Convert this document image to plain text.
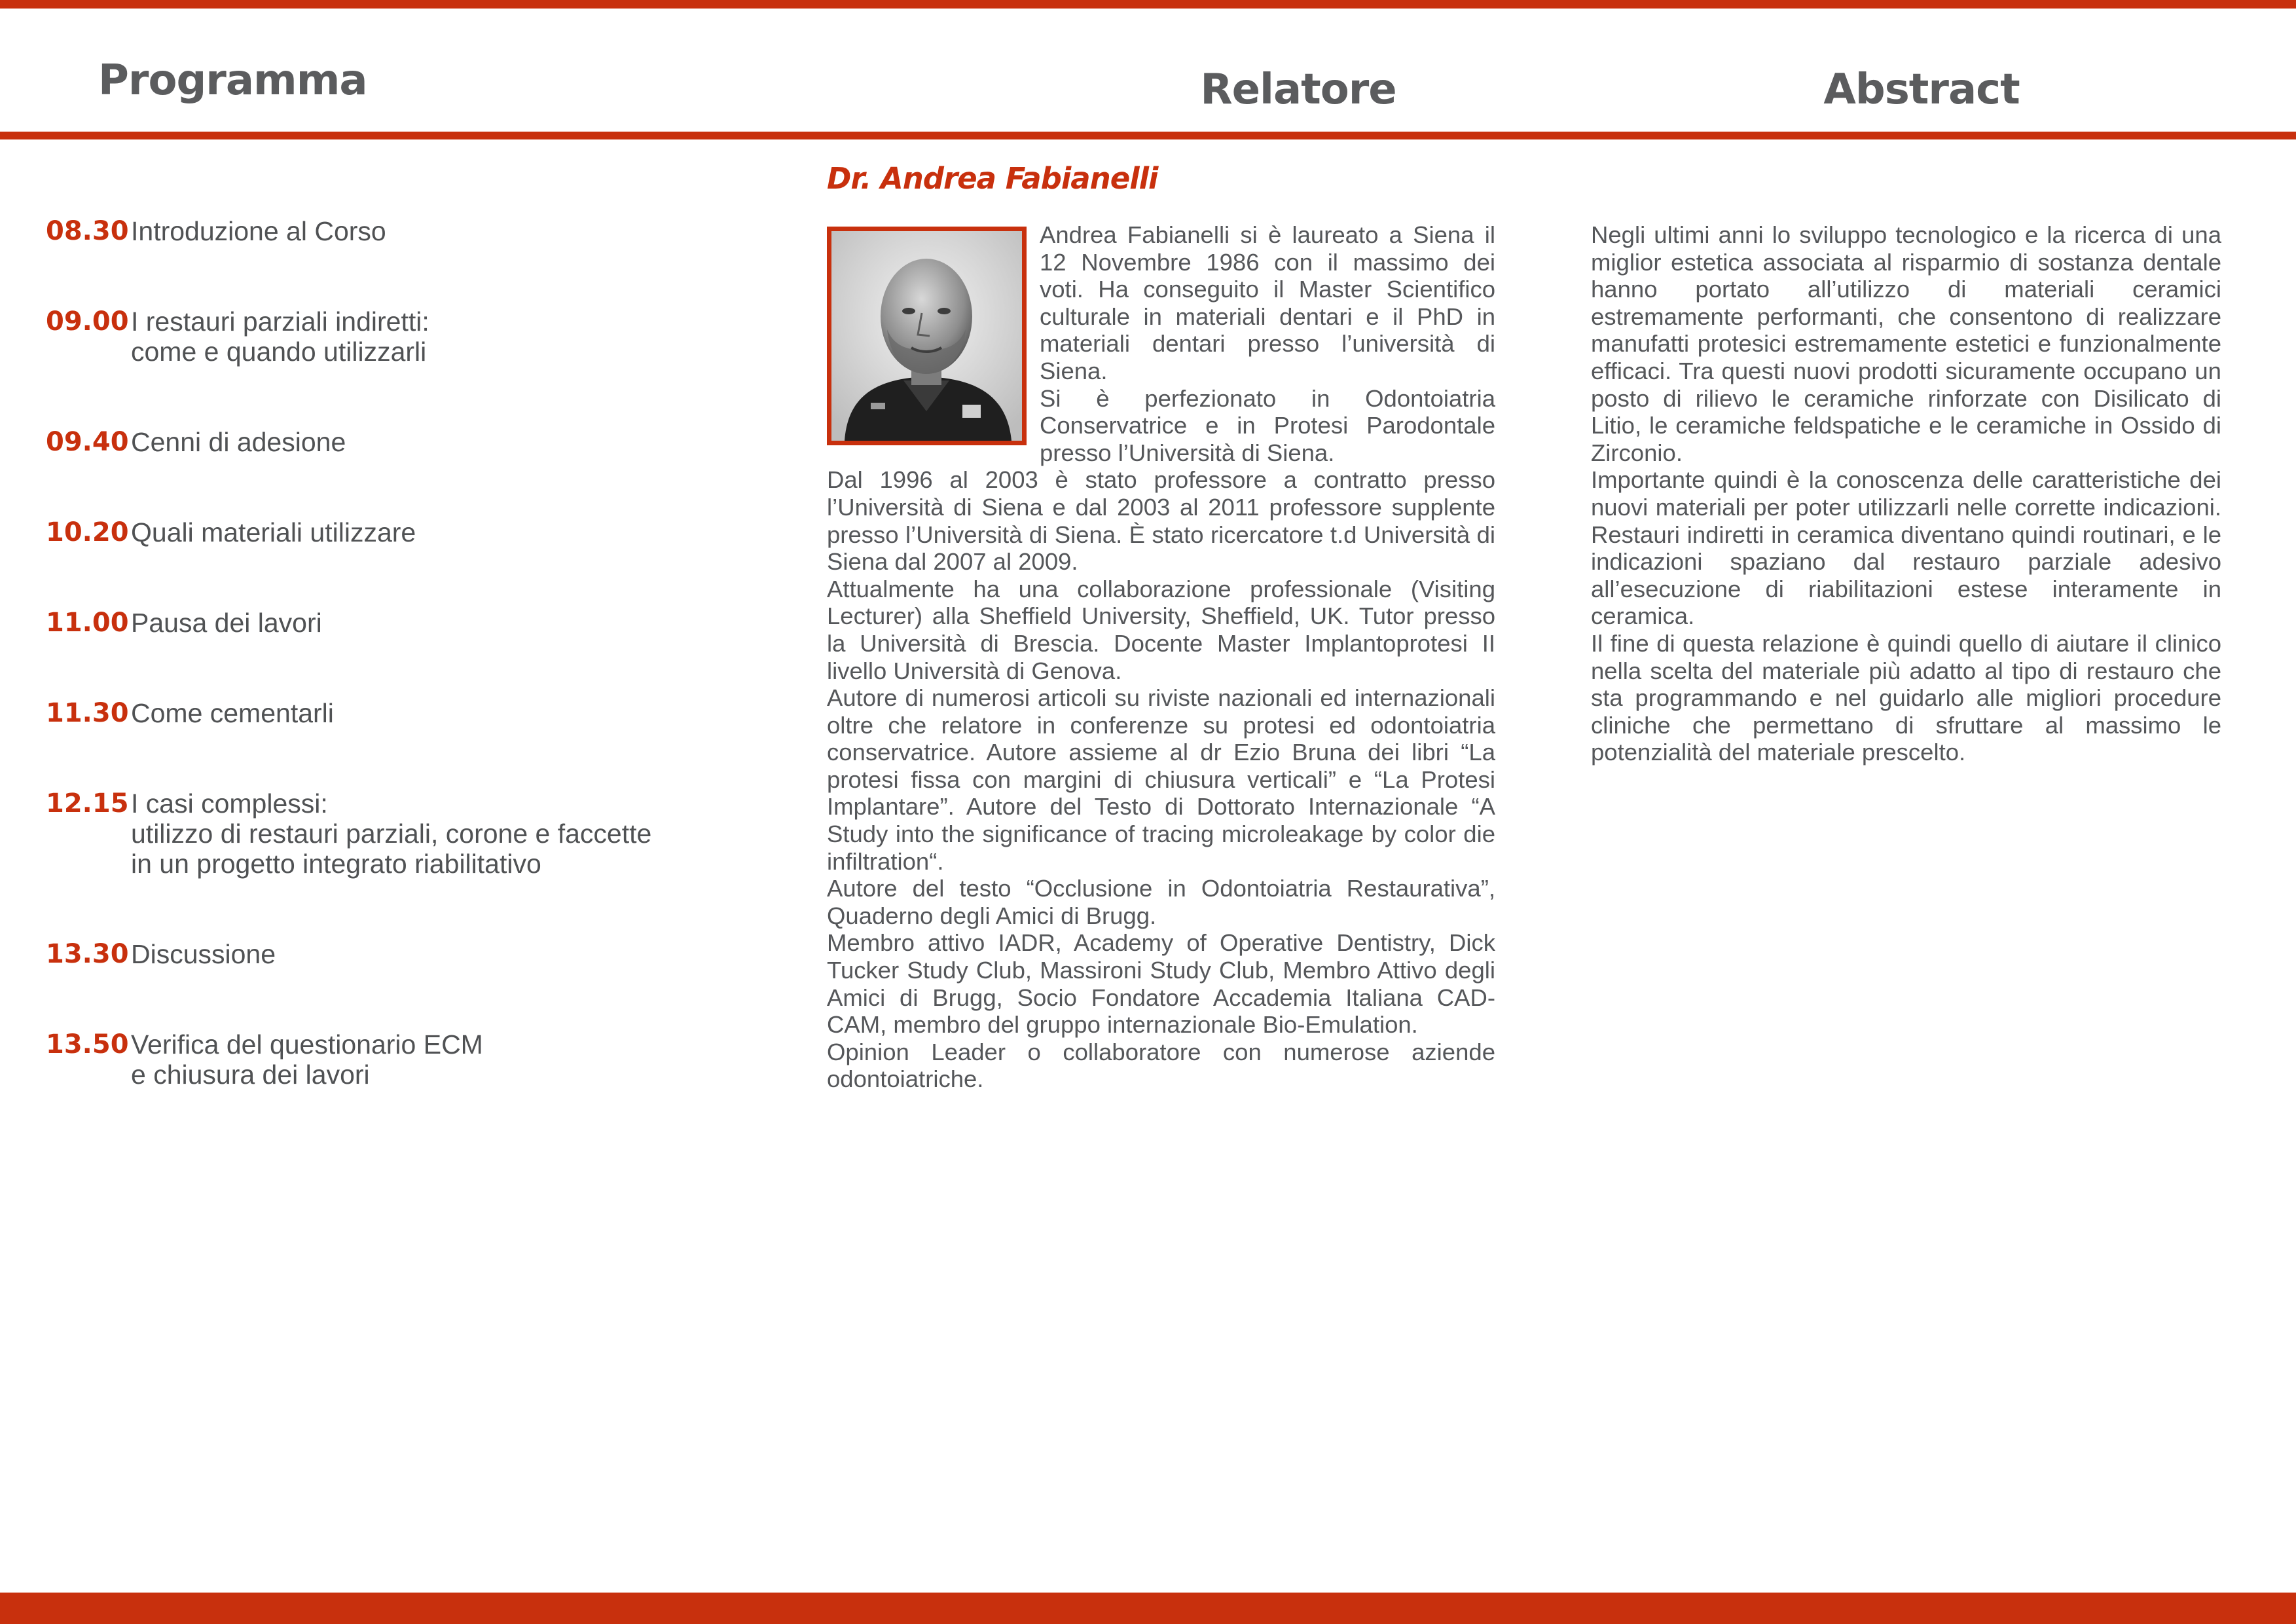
Programma	Relatore	Abstract
08.30 Introduzione al Corso
09.00 I restauri parziali indiretti:
come e quando utilizzarli
09.40 Cenni di adesione
10.20 Quali materiali utilizzare
11.00 Pausa dei lavori
11.30 Come cementarli
12.15 I casi complessi:
utilizzo di restauri parziali, corone e faccette
in un progetto integrato riabilitativo
13.30 Discussione
13.50 Verifica del questionario ECM
e chiusura dei lavori
Dr. Andrea Fabianelli

Andrea Fabianelli si è laureato a Siena il 12 Novembre 1986 con il massimo dei voti. Ha conseguito il Master Scientifico culturale in materiali dentari e il PhD in materiali dentari presso l’università di Siena.

Si è perfezionato in Odontoiatria Conservatrice e in Protesi Parodontale presso l’Università di Siena.

Dal 1996 al 2003 è stato professore a contratto presso l’Università di Siena e dal 2003 al 2011 professore supplente presso l’Università di Siena. È stato ricercatore t.d Università di Siena dal 2007 al 2009.

Attualmente ha una collaborazione professionale (Visiting Lecturer) alla Sheffield University, Sheffield, UK. Tutor presso la Università di Brescia. Docente Master Implantoprotesi II livello Università di Genova.

Autore di numerosi articoli su riviste nazionali ed internazionali oltre che relatore in conferenze su protesi ed odontoiatria conservatrice. Autore assieme al dr Ezio Bruna dei libri “La protesi fissa con margini di chiusura verticali” e “La Protesi Implantare”. Autore del Testo di Dottorato Internazionale “A Study into the significance of tracing microleakage by color die infiltration“.

Autore del testo “Occlusione in Odontoiatria Restaurativa”, Quaderno degli Amici di Brugg.

Membro attivo IADR, Academy of Operative Dentistry, Dick Tucker Study Club, Massironi Study Club, Membro Attivo degli Amici di Brugg, Socio Fondatore Accademia Italiana CAD-CAM, membro del gruppo internazionale Bio-Emulation.

Opinion Leader o collaboratore con numerose aziende odontoiatriche.

Negli ultimi anni lo sviluppo tecnologico e la ricerca di una miglior estetica associata al risparmio di sostanza dentale hanno portato all’utilizzo di materiali ceramici estremamente performanti, che consentono di realizzare manufatti protesici estremamente estetici e funzionalmente efficaci. Tra questi nuovi prodotti sicuramente occupano un posto di rilievo le ceramiche rinforzate con Disilicato di Litio, le ceramiche feldspatiche e le ceramiche in Ossido di Zirconio.

Importante quindi è la conoscenza delle caratteristiche dei nuovi materiali per poter utilizzarli nelle corrette indicazioni. Restauri indiretti in ceramica diventano quindi routinari, e le indicazioni spaziano dal restauro parziale adesivo all’esecuzione di riabilitazioni estese interamente in ceramica.

Il fine di questa relazione è quindi quello di aiutare il clinico nella scelta del materiale più adatto al tipo di restauro che sta programmando e nel guidarlo alle migliori procedure cliniche che permettano di sfruttare al massimo le potenzialità del materiale prescelto.
